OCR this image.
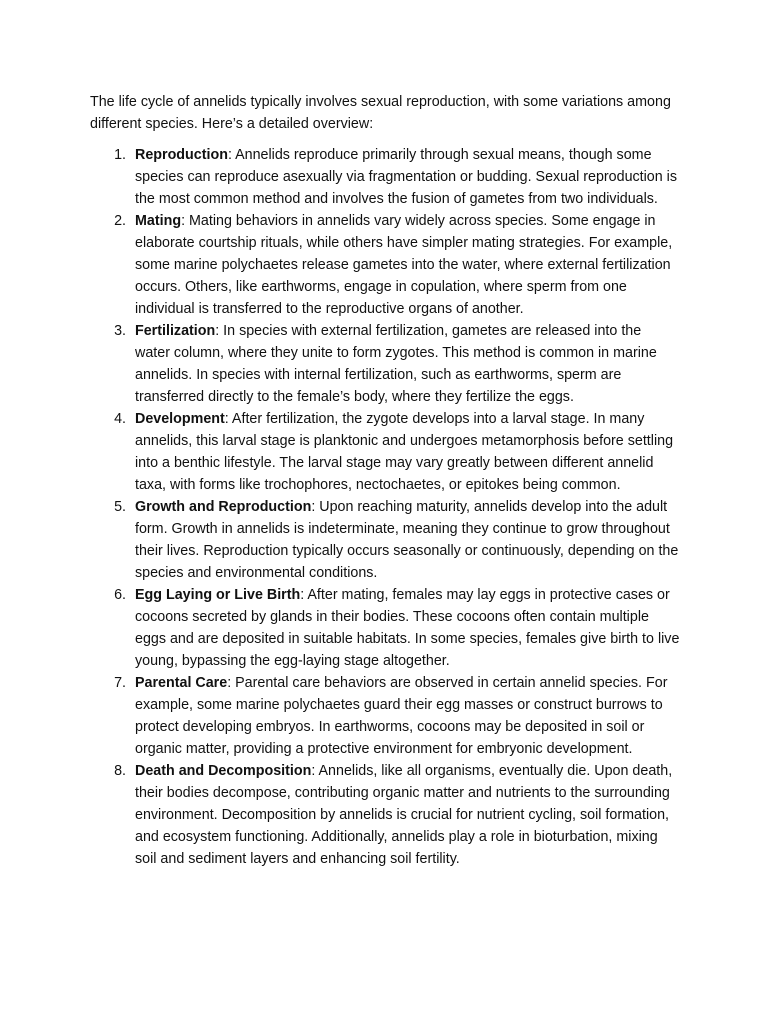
The life cycle of annelids typically involves sexual reproduction, with some variations among different species. Here’s a detailed overview:

1. Reproduction: Annelids reproduce primarily through sexual means, though some species can reproduce asexually via fragmentation or budding. Sexual reproduction is the most common method and involves the fusion of gametes from two individuals.
2. Mating: Mating behaviors in annelids vary widely across species. Some engage in elaborate courtship rituals, while others have simpler mating strategies. For example, some marine polychaetes release gametes into the water, where external fertilization occurs. Others, like earthworms, engage in copulation, where sperm from one individual is transferred to the reproductive organs of another.
3. Fertilization: In species with external fertilization, gametes are released into the water column, where they unite to form zygotes. This method is common in marine annelids. In species with internal fertilization, such as earthworms, sperm are transferred directly to the female’s body, where they fertilize the eggs.
4. Development: After fertilization, the zygote develops into a larval stage. In many annelids, this larval stage is planktonic and undergoes metamorphosis before settling into a benthic lifestyle. The larval stage may vary greatly between different annelid taxa, with forms like trochophores, nectochaetes, or epitokes being common.
5. Growth and Reproduction: Upon reaching maturity, annelids develop into the adult form. Growth in annelids is indeterminate, meaning they continue to grow throughout their lives. Reproduction typically occurs seasonally or continuously, depending on the species and environmental conditions.
6. Egg Laying or Live Birth: After mating, females may lay eggs in protective cases or cocoons secreted by glands in their bodies. These cocoons often contain multiple eggs and are deposited in suitable habitats. In some species, females give birth to live young, bypassing the egg-laying stage altogether.
7. Parental Care: Parental care behaviors are observed in certain annelid species. For example, some marine polychaetes guard their egg masses or construct burrows to protect developing embryos. In earthworms, cocoons may be deposited in soil or organic matter, providing a protective environment for embryonic development.
8. Death and Decomposition: Annelids, like all organisms, eventually die. Upon death, their bodies decompose, contributing organic matter and nutrients to the surrounding environment. Decomposition by annelids is crucial for nutrient cycling, soil formation, and ecosystem functioning. Additionally, annelids play a role in bioturbation, mixing soil and sediment layers and enhancing soil fertility.
